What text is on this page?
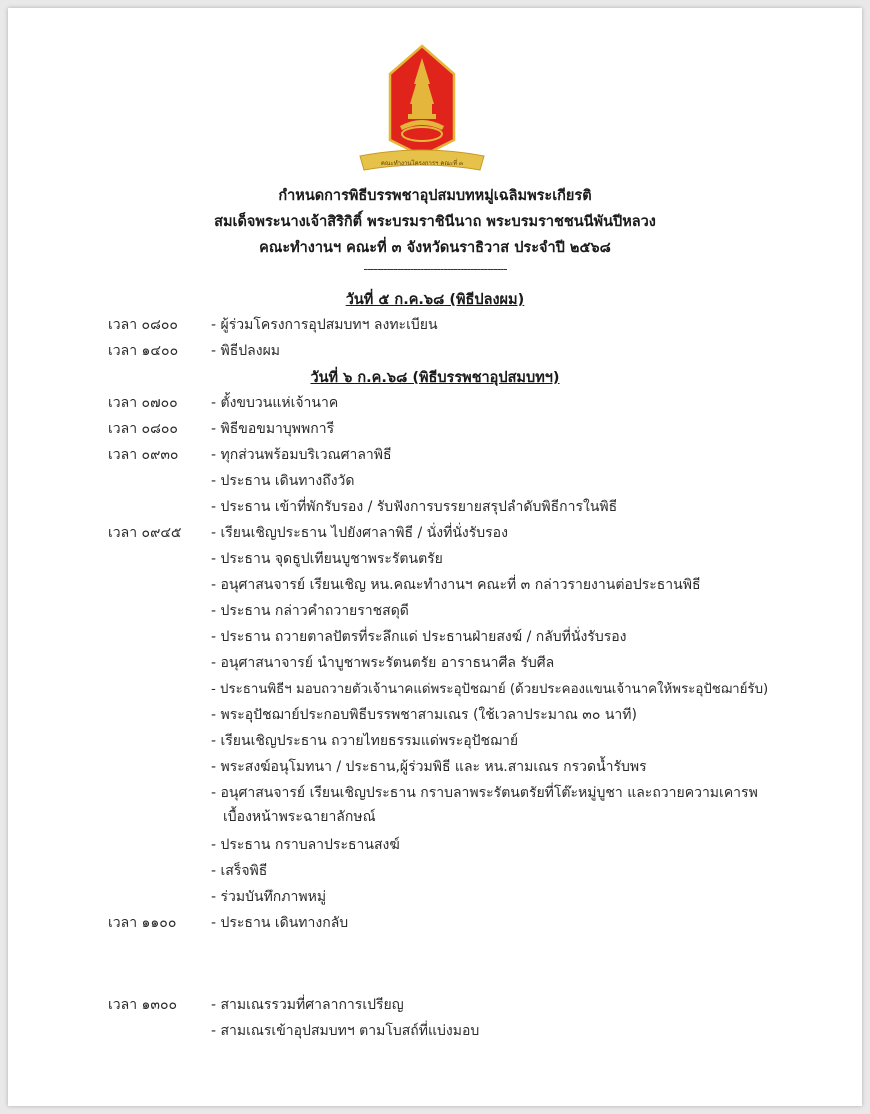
คณะทำงานโครงการฯ คณะที่ ๓
กำหนดการพิธีบรรพชาอุปสมบทหมู่เฉลิมพระเกียรติ
สมเด็จพระนางเจ้าสิริกิติ์ พระบรมราชินีนาถ พระบรมราชชนนีพันปีหลวง
คณะทำงานฯ คณะที่ ๓ จังหวัดนราธิวาส ประจำปี ๒๕๖๘
-------------------------------------------
วันที่ ๕ ก.ค.๖๘ (พิธีปลงผม)
เวลา ๐๘๐๐ - ผู้ร่วมโครงการอุปสมบทฯ ลงทะเบียน
เวลา ๑๔๐๐ - พิธีปลงผม
วันที่ ๖ ก.ค.๖๘ (พิธีบรรพชาอุปสมบทฯ)
เวลา ๐๗๐๐ - ตั้งขบวนแห่เจ้านาค
เวลา ๐๘๐๐ - พิธีขอขมาบุพพการี
เวลา ๐๙๓๐ - ทุกส่วนพร้อมบริเวณศาลาพิธี
- ประธาน เดินทางถึงวัด
- ประธาน เข้าที่พักรับรอง / รับฟังการบรรยายสรุปลำดับพิธีการในพิธี
เวลา ๐๙๔๕ - เรียนเชิญประธาน ไปยังศาลาพิธี / นั่งที่นั่งรับรอง
- ประธาน จุดธูปเทียนบูชาพระรัตนตรัย
- อนุศาสนจารย์ เรียนเชิญ หน.คณะทำงานฯ คณะที่ ๓ กล่าวรายงานต่อประธานพิธี
- ประธาน กล่าวคำถวายราชสดุดี
- ประธาน ถวายตาลปัตรที่ระลึกแด่ ประธานฝ่ายสงฆ์ / กลับที่นั่งรับรอง
- อนุศาสนาจารย์ นำบูชาพระรัตนตรัย อาราธนาศีล รับศีล
- ประธานพิธีฯ มอบถวายตัวเจ้านาคแด่พระอุปัชฌาย์ (ด้วยประคองแขนเจ้านาคให้พระอุปัชฌาย์รับ)
- พระอุปัชฌาย์ประกอบพิธีบรรพชาสามเณร (ใช้เวลาประมาณ ๓๐ นาที)
- เรียนเชิญประธาน ถวายไทยธรรมแด่พระอุปัชฌาย์
- พระสงฆ์อนุโมทนา / ประธาน,ผู้ร่วมพิธี และ หน.สามเณร กรวดน้ำรับพร
- อนุศาสนจารย์ เรียนเชิญประธาน กราบลาพระรัตนตรัยที่โต๊ะหมู่บูชา และถวายความเคารพ
เบื้องหน้าพระฉายาลักษณ์
- ประธาน กราบลาประธานสงฆ์
- เสร็จพิธี
- ร่วมบันทึกภาพหมู่
เวลา ๑๑๐๐ - ประธาน เดินทางกลับ
เวลา ๑๓๐๐ - สามเณรรวมที่ศาลาการเปรียญ
- สามเณรเข้าอุปสมบทฯ ตามโบสถ์ที่แบ่งมอบ
